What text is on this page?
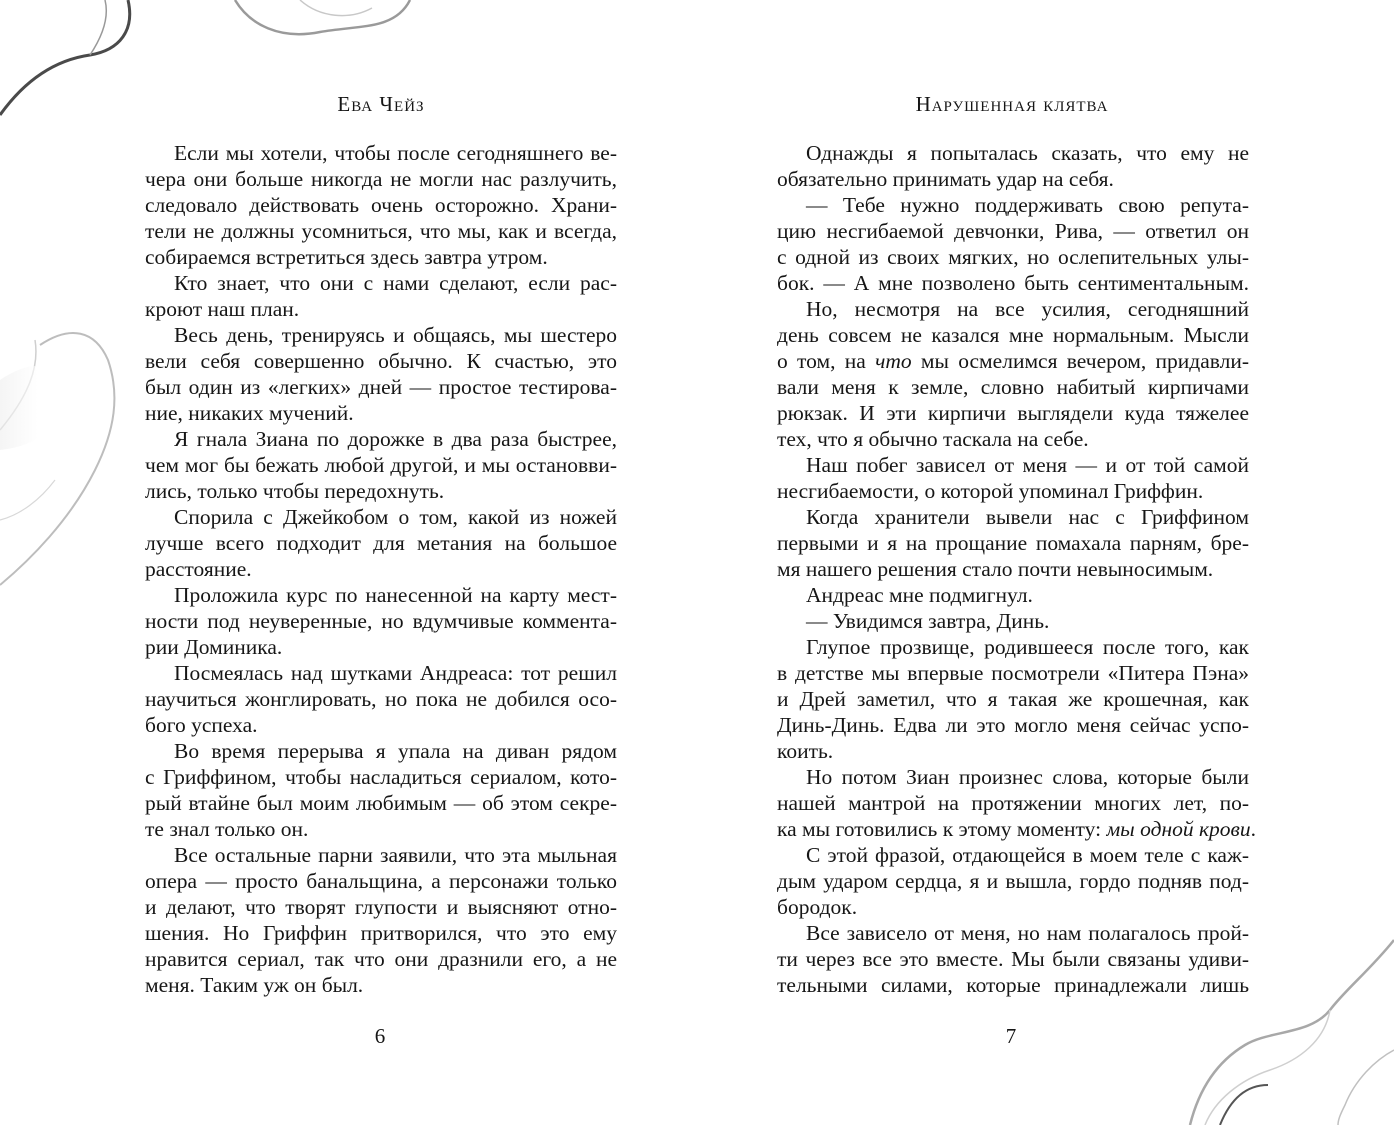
Ева Чейз
Если мы хотели, чтобы после сегодняшнего ве-
чера они больше никогда не могли нас разлучить,
следовало действовать очень осторожно. Храни-
тели не должны усомниться, что мы, как и всегда,
собираемся встретиться здесь завтра утром.
Кто знает, что они с нами сделают, если рас-
кроют наш план.
Весь день, тренируясь и общаясь, мы шестеро
вели себя совершенно обычно. К счастью, это
был один из «легких» дней — простое тестирова-
ние, никаких мучений.
Я гнала Зиана по дорожке в два раза быстрее,
чем мог бы бежать любой другой, и мы остановви-
лись, только чтобы передохнуть.
Спорила с Джейкобом о том, какой из ножей
лучше всего подходит для метания на большое
расстояние.
Проложила курс по нанесенной на карту мест-
ности под неуверенные, но вдумчивые коммента-
рии Доминика.
Посмеялась над шутками Андреаса: тот решил
научиться жонглировать, но пока не добился осо-
бого успеха.
Во время перерыва я упала на диван рядом
с Гриффином, чтобы насладиться сериалом, кото-
рый втайне был моим любимым — об этом секре-
те знал только он.
Все остальные парни заявили, что эта мыльная
опера — просто банальщина, а персонажи только
и делают, что творят глупости и выясняют отно-
шения. Но Гриффин притворился, что это ему
нравится сериал, так что они дразнили его, а не
меня. Таким уж он был.
6
Нарушенная клятва
Однажды я попыталась сказать, что ему не
обязательно принимать удар на себя.
— Тебе нужно поддерживать свою репута-
цию несгибаемой девчонки, Рива, — ответил он
с одной из своих мягких, но ослепительных улы-
бок. — А мне позволено быть сентиментальным.
Но, несмотря на все усилия, сегодняшний
день совсем не казался мне нормальным. Мысли
о том, на что мы осмелимся вечером, придавли-
вали меня к земле, словно набитый кирпичами
рюкзак. И эти кирпичи выглядели куда тяжелее
тех, что я обычно таскала на себе.
Наш побег зависел от меня — и от той самой
несгибаемости, о которой упоминал Гриффин.
Когда хранители вывели нас с Гриффином
первыми и я на прощание помахала парням, бре-
мя нашего решения стало почти невыносимым.
Андреас мне подмигнул.
— Увидимся завтра, Динь.
Глупое прозвище, родившееся после того, как
в детстве мы впервые посмотрели «Питера Пэна»
и Дрей заметил, что я такая же крошечная, как
Динь-Динь. Едва ли это могло меня сейчас успо-
коить.
Но потом Зиан произнес слова, которые были
нашей мантрой на протяжении многих лет, по-
ка мы готовились к этому моменту: мы одной крови.
С этой фразой, отдающейся в моем теле с каж-
дым ударом сердца, я и вышла, гордо подняв под-
бородок.
Все зависело от меня, но нам полагалось прой-
ти через все это вместе. Мы были связаны удиви-
тельными силами, которые принадлежали лишь
7
